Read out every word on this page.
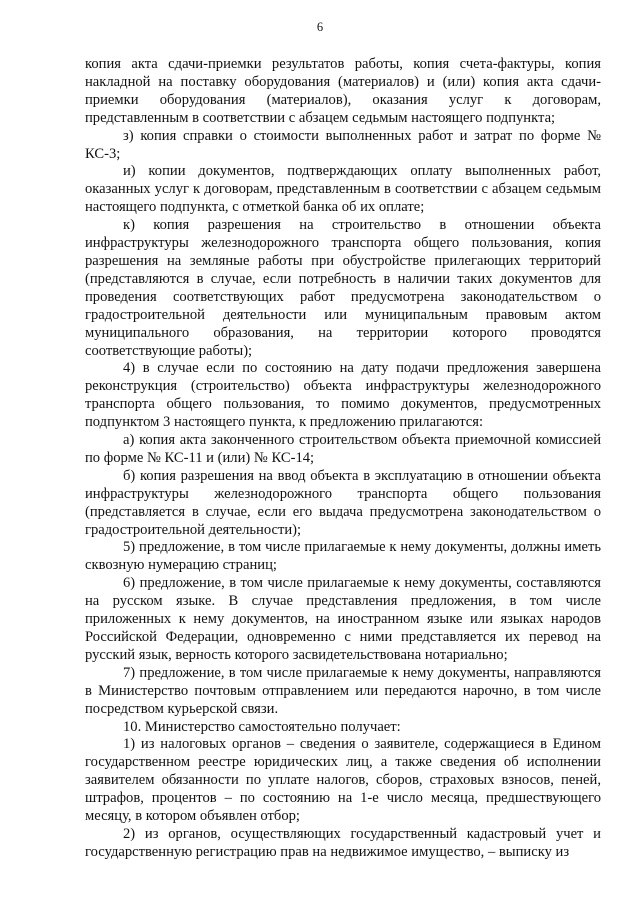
6

копия акта сдачи-приемки результатов работы, копия счета-фактуры, копия накладной на поставку оборудования (материалов) и (или) копия акта сдачи-приемки оборудования (материалов), оказания услуг к договорам, представленным в соответствии с абзацем седьмым настоящего подпункта;

з) копия справки о стоимости выполненных работ и затрат по форме № КС-3;

и) копии документов, подтверждающих оплату выполненных работ, оказанных услуг к договорам, представленным в соответствии с абзацем седьмым настоящего подпункта, с отметкой банка об их оплате;

к) копия разрешения на строительство в отношении объекта инфраструктуры железнодорожного транспорта общего пользования, копия разрешения на земляные работы при обустройстве прилегающих территорий (представляются в случае, если потребность в наличии таких документов для проведения соответствующих работ предусмотрена законодательством о градостроительной деятельности или муниципальным правовым актом муниципального образования, на территории которого проводятся соответствующие работы);

4) в случае если по состоянию на дату подачи предложения завершена реконструкция (строительство) объекта инфраструктуры железнодорожного транспорта общего пользования, то помимо документов, предусмотренных подпунктом 3 настоящего пункта, к предложению прилагаются:

а) копия акта законченного строительством объекта приемочной комиссией по форме № КС-11 и (или) № КС-14;

б) копия разрешения на ввод объекта в эксплуатацию в отношении объекта инфраструктуры железнодорожного транспорта общего пользования (представляется в случае, если его выдача предусмотрена законодательством о градостроительной деятельности);

5) предложение, в том числе прилагаемые к нему документы, должны иметь сквозную нумерацию страниц;

6) предложение, в том числе прилагаемые к нему документы, составляются на русском языке. В случае представления предложения, в том числе приложенных к нему документов, на иностранном языке или языках народов Российской Федерации, одновременно с ними представляется их перевод на русский язык, верность которого засвидетельствована нотариально;

7) предложение, в том числе прилагаемые к нему документы, направляются в Министерство почтовым отправлением или передаются нарочно, в том числе посредством курьерской связи.

10. Министерство самостоятельно получает:

1) из налоговых органов – сведения о заявителе, содержащиеся в Едином государственном реестре юридических лиц, а также сведения об исполнении заявителем обязанности по уплате налогов, сборов, страховых взносов, пеней, штрафов, процентов – по состоянию на 1-е число месяца, предшествующего месяцу, в котором объявлен отбор;

2) из органов, осуществляющих государственный кадастровый учет и государственную регистрацию прав на недвижимое имущество, – выписку из
